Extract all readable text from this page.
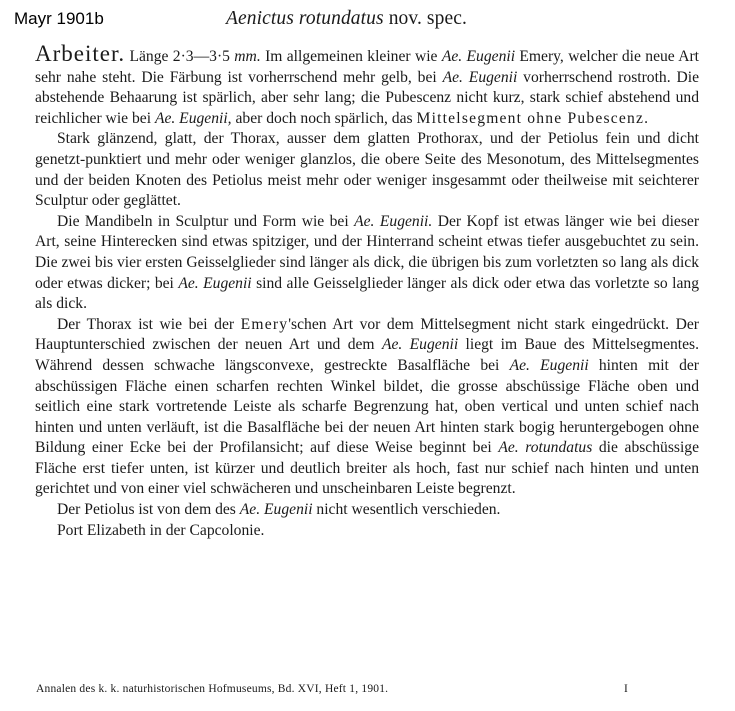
Mayr 1901b	Aenictus rotundatus nov. spec.

Arbeiter. Länge 2·3—3·5 mm. Im allgemeinen kleiner wie Ae. Eugenii Emery, welcher die neue Art sehr nahe steht. Die Färbung ist vorherrschend mehr gelb, bei Ae. Eugenii vorherrschend rostroth. Die abstehende Behaarung ist spärlich, aber sehr lang; die Pubescenz nicht kurz, stark schief abstehend und reichlicher wie bei Ae. Eugenii, aber doch noch spärlich, das Mittelsegment ohne Pubescenz.

Stark glänzend, glatt, der Thorax, ausser dem glatten Prothorax, und der Petiolus fein und dicht genetzt-punktiert und mehr oder weniger glanzlos, die obere Seite des Mesonotum, des Mittelsegmentes und der beiden Knoten des Petiolus meist mehr oder weniger insgesammt oder theilweise mit seichterer Sculptur oder geglättet.

Die Mandibeln in Sculptur und Form wie bei Ae. Eugenii. Der Kopf ist etwas länger wie bei dieser Art, seine Hinterecken sind etwas spitziger, und der Hinterrand scheint etwas tiefer ausgebuchtet zu sein. Die zwei bis vier ersten Geisselglieder sind länger als dick, die übrigen bis zum vorletzten so lang als dick oder etwas dicker; bei Ae. Eugenii sind alle Geisselglieder länger als dick oder etwa das vorletzte so lang als dick.

Der Thorax ist wie bei der Emery'schen Art vor dem Mittelsegment nicht stark eingedrückt. Der Hauptunterschied zwischen der neuen Art und dem Ae. Eugenii liegt im Baue des Mittelsegmentes. Während dessen schwache längsconvexe, gestreckte Basalfläche bei Ae. Eugenii hinten mit der abschüssigen Fläche einen scharfen rechten Winkel bildet, die grosse abschüssige Fläche oben und seitlich eine stark vortretende Leiste als scharfe Begrenzung hat, oben vertical und unten schief nach hinten und unten verläuft, ist die Basalfläche bei der neuen Art hinten stark bogig heruntergebogen ohne Bildung einer Ecke bei der Profilansicht; auf diese Weise beginnt bei Ae. rotundatus die abschüssige Fläche erst tiefer unten, ist kürzer und deutlich breiter als hoch, fast nur schief nach hinten und unten gerichtet und von einer viel schwächeren und unscheinbaren Leiste begrenzt.

Der Petiolus ist von dem des Ae. Eugenii nicht wesentlich verschieden.

Port Elizabeth in der Capcolonie.

Annalen des k. k. naturhistorischen Hofmuseums, Bd. XVI, Heft 1, 1901.	I
